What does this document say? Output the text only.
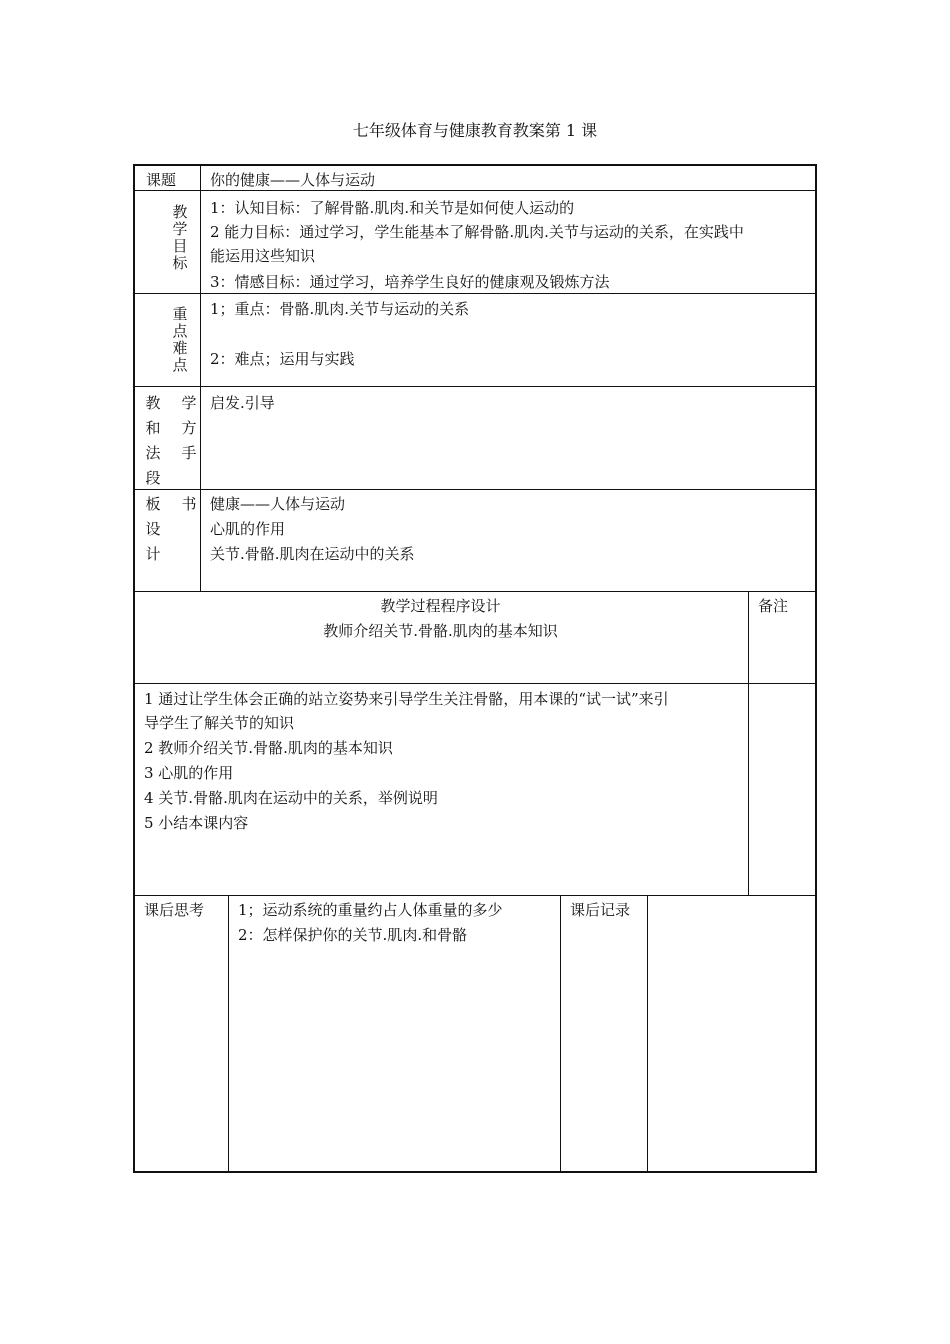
七年级体育与健康教育教案第 1 课
课题 你的健康——人体与运动
教
学
目
标
1：认知目标：了解骨骼.肌肉.和关节是如何使人运动的
2 能力目标：通过学习，学生能基本了解骨骼.肌肉.关节与运动的关系，在实践中
能运用这些知识
3：情感目标：通过学习，培养学生良好的健康观及锻炼方法
重
点
难
点
1；重点：骨骼.肌肉.关节与运动的关系
2：难点；运用与实践
教 学
和 方
法 手
段
启发.引导
板 书
设
计
健康——人体与运动
心肌的作用
关节.骨骼.肌肉在运动中的关系
教学过程程序设计
教师介绍关节.骨骼.肌肉的基本知识
备注
1 通过让学生体会正确的站立姿势来引导学生关注骨骼，用本课的“试一试”来引
导学生了解关节的知识
2 教师介绍关节.骨骼.肌肉的基本知识
3 心肌的作用
4 关节.骨骼.肌肉在运动中的关系，举例说明
5 小结本课内容
课后思考 1；运动系统的重量约占人体重量的多少
2：怎样保护你的关节.肌肉.和骨骼
课后记录
